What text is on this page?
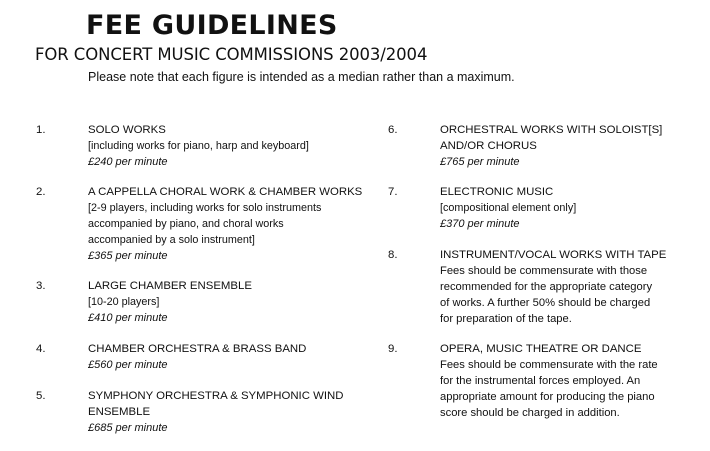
FEE GUIDELINES
FOR CONCERT MUSIC COMMISSIONS 2003/2004
Please note that each figure is intended as a median rather than a maximum.
1.	SOLO WORKS
[including works for piano, harp and keyboard]
£240 per minute
2.	A CAPPELLA CHORAL WORK & CHAMBER WORKS
[2-9 players, including works for solo instruments
accompanied by piano, and choral works
accompanied by a solo instrument]
£365 per minute
3.	LARGE CHAMBER ENSEMBLE
[10-20 players]
£410 per minute
4.	CHAMBER ORCHESTRA & BRASS BAND
£560 per minute
5.	SYMPHONY ORCHESTRA & SYMPHONIC WIND
ENSEMBLE
£685 per minute
6.	ORCHESTRAL WORKS WITH SOLOIST[S]
AND/OR CHORUS
£765 per minute
7.	ELECTRONIC MUSIC
[compositional element only]
£370 per minute
8.	INSTRUMENT/VOCAL WORKS WITH TAPE
Fees should be commensurate with those
recommended for the appropriate category
of works. A further 50% should be charged
for preparation of the tape.
9.	OPERA, MUSIC THEATRE OR DANCE
Fees should be commensurate with the rate
for the instrumental forces employed. An
appropriate amount for producing the piano
score should be charged in addition.
